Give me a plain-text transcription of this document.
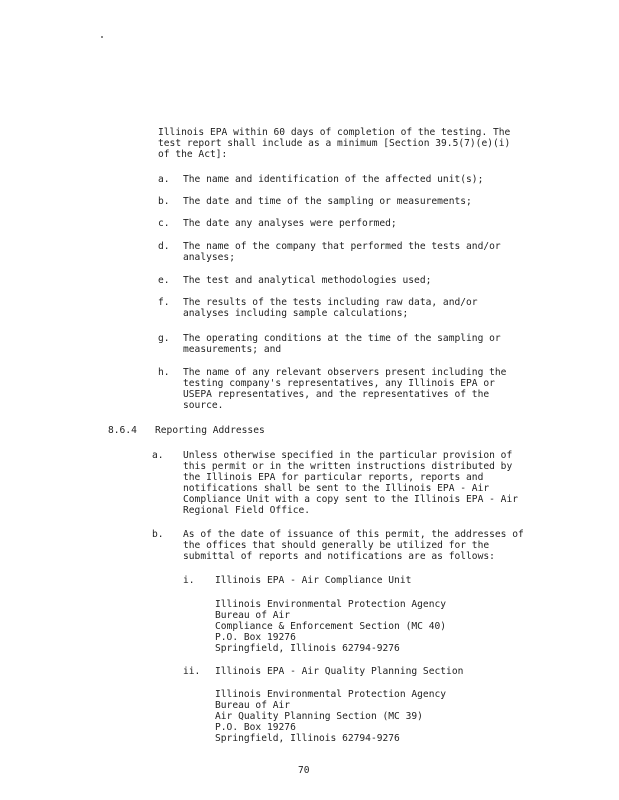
Illinois EPA within 60 days of completion of the testing. The
test report shall include as a minimum [Section 39.5(7)(e)(i)
of the Act]:
a. The name and identification of the affected unit(s);
b. The date and time of the sampling or measurements;
c. The date any analyses were performed;
d. The name of the company that performed the tests and/or
analyses;
e. The test and analytical methodologies used;
f. The results of the tests including raw data, and/or
analyses including sample calculations;
g. The operating conditions at the time of the sampling or
measurements; and
h. The name of any relevant observers present including the
testing company's representatives, any Illinois EPA or
USEPA representatives, and the representatives of the
source.
8.6.4 Reporting Addresses
a. Unless otherwise specified in the particular provision of
this permit or in the written instructions distributed by
the Illinois EPA for particular reports, reports and
notifications shall be sent to the Illinois EPA - Air
Compliance Unit with a copy sent to the Illinois EPA - Air
Regional Field Office.
b. As of the date of issuance of this permit, the addresses of
the offices that should generally be utilized for the
submittal of reports and notifications are as follows:
i. Illinois EPA - Air Compliance Unit
Illinois Environmental Protection Agency
Bureau of Air
Compliance & Enforcement Section (MC 40)
P.O. Box 19276
Springfield, Illinois 62794-9276
ii. Illinois EPA - Air Quality Planning Section
Illinois Environmental Protection Agency
Bureau of Air
Air Quality Planning Section (MC 39)
P.O. Box 19276
Springfield, Illinois 62794-9276
70
